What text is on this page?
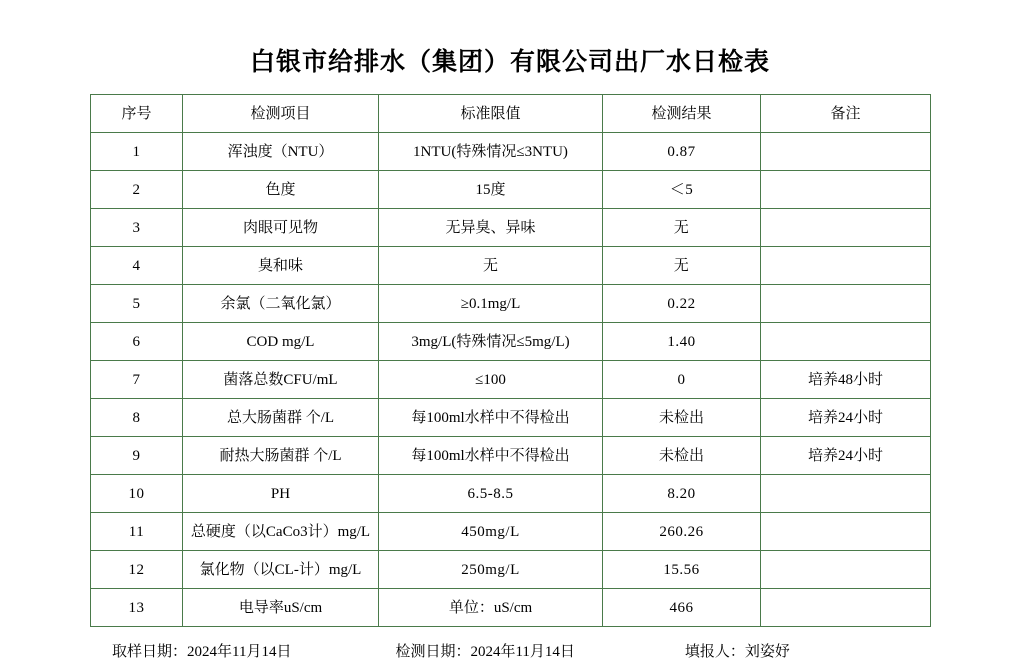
白银市给排水（集团）有限公司出厂水日检表
序号	检测项目	标准限值	检测结果	备注
1	浑浊度（NTU）	1NTU(特殊情况≤3NTU)	0.87	
2	色度	15度	＜5	
3	肉眼可见物	无异臭、异味	无	
4	臭和味	无	无	
5	余氯（二氧化氯）	≥0.1mg/L	0.22	
6	COD mg/L	3mg/L(特殊情况≤5mg/L)	1.40	
7	菌落总数CFU/mL	≤100	0	培养48小时
8	总大肠菌群 个/L	每100ml水样中不得检出	未检出	培养24小时
9	耐热大肠菌群 个/L	每100ml水样中不得检出	未检出	培养24小时
10	PH	6.5-8.5	8.20	
11	总硬度（以CaCo3计）mg/L	450mg/L	260.26	
12	氯化物（以CL-计）mg/L	250mg/L	15.56	
13	电导率uS/cm	单位：uS/cm	466	
取样日期：2024年11月14日	检测日期：2024年11月14日	填报人：刘姿妤
